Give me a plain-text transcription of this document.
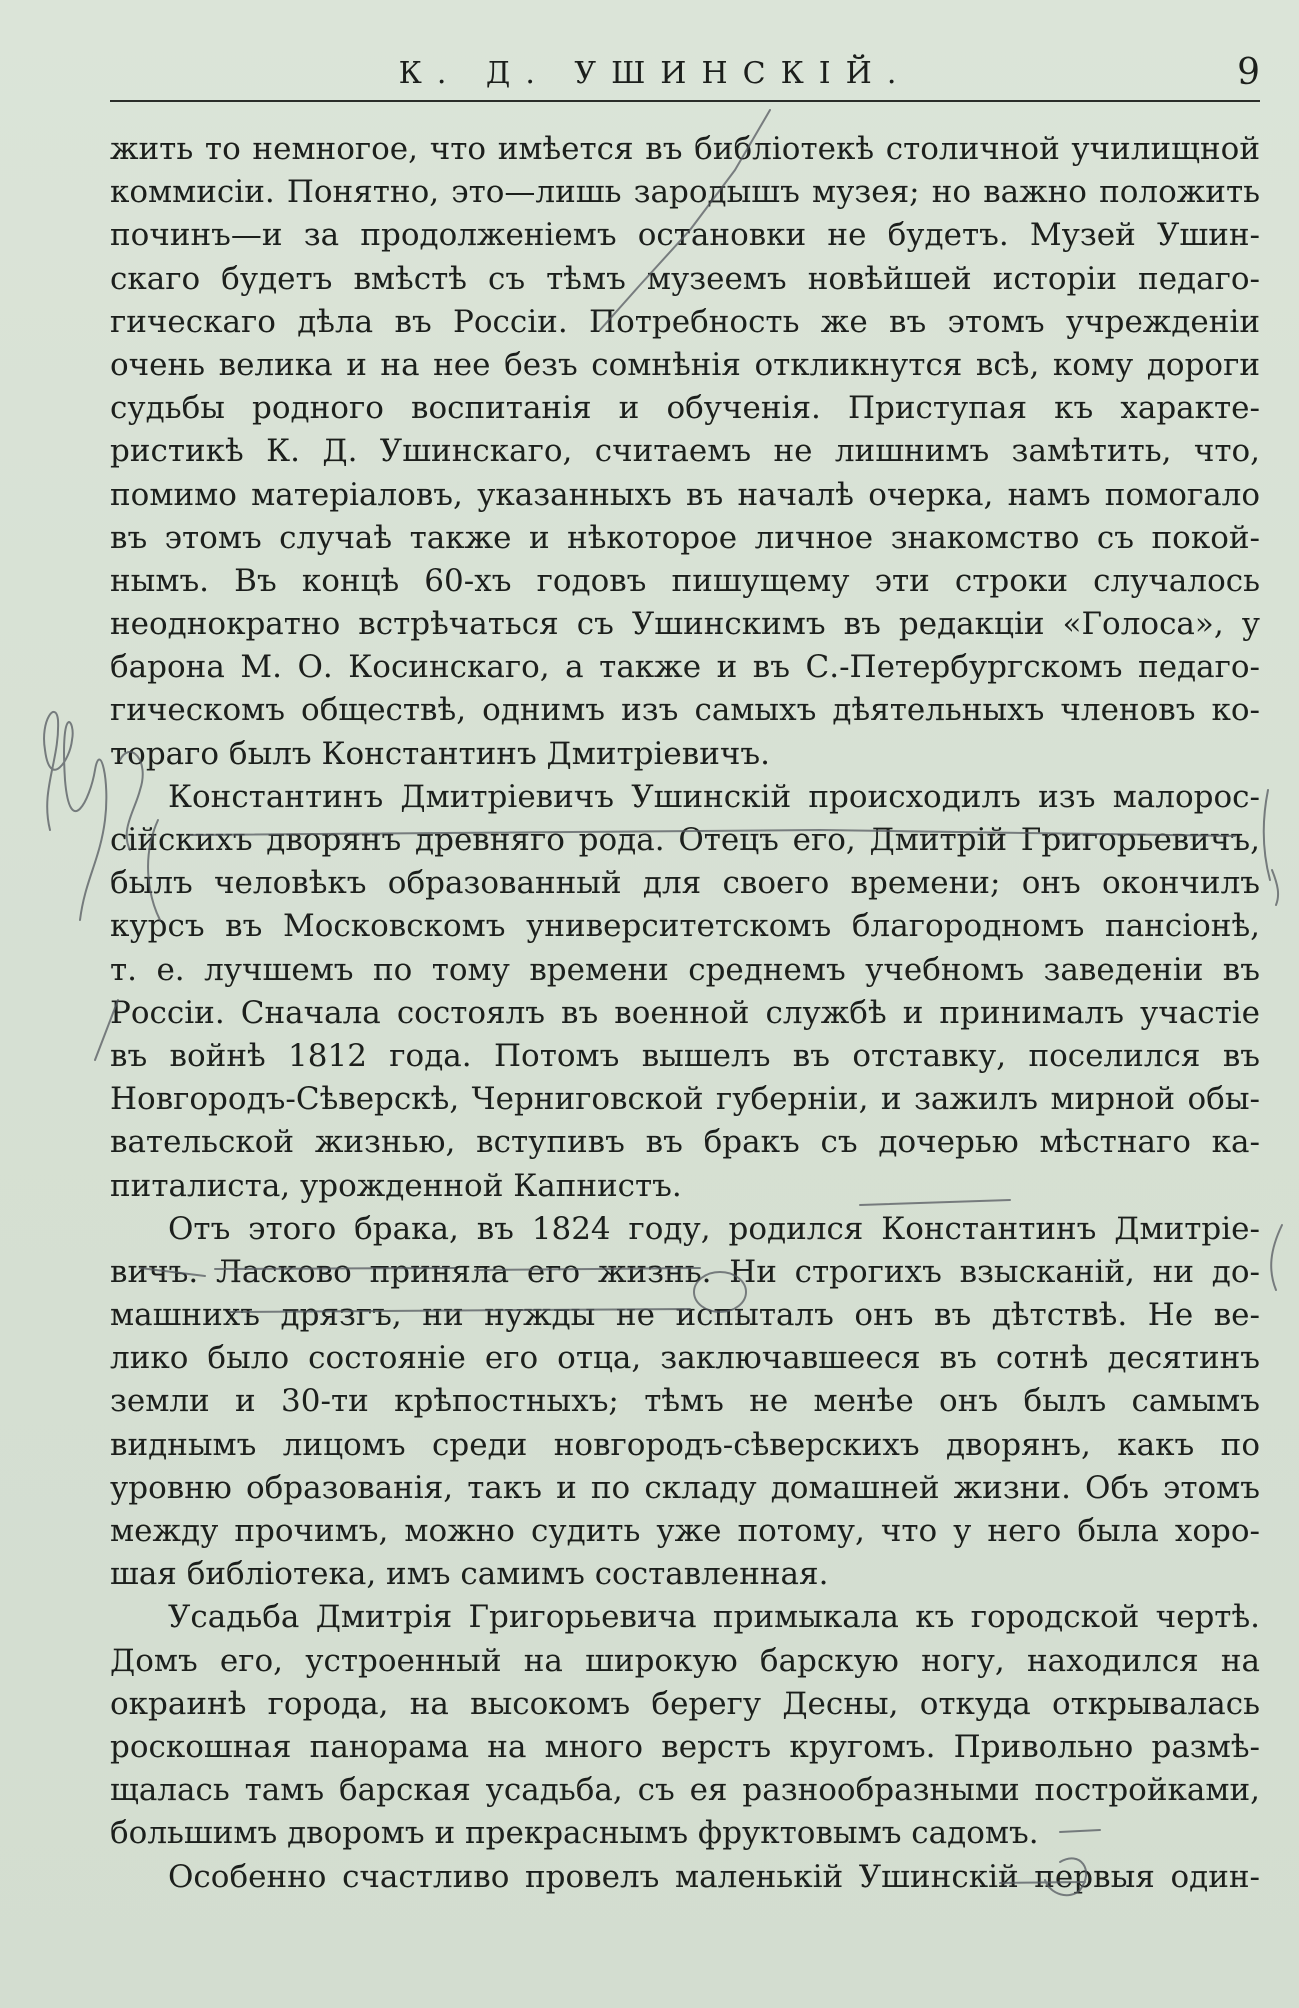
К. Д. УШИНСКІЙ.	9
жить то немногое, что имѣется въ библіотекѣ столичной училищной
коммисіи. Понятно, это—лишь зародышъ музея; но важно положить
починъ—и за продолженіемъ остановки не будетъ. Музей Ушин-
скаго будетъ вмѣстѣ съ тѣмъ музеемъ новѣйшей исторіи педаго-
гическаго дѣла въ Россіи. Потребность же въ этомъ учрежденіи
очень велика и на нее безъ сомнѣнія откликнутся всѣ, кому дороги
судьбы родного воспитанія и обученія. Приступая къ характе-
ристикѣ К. Д. Ушинскаго, считаемъ не лишнимъ замѣтить, что,
помимо матеріаловъ, указанныхъ въ началѣ очерка, намъ помогало
въ этомъ случаѣ также и нѣкоторое личное знакомство съ покой-
нымъ. Въ концѣ 60-хъ годовъ пишущему эти строки случалось
неоднократно встрѣчаться съ Ушинскимъ въ редакціи «Голоса», у
барона М. О. Косинскаго, а также и въ С.-Петербургскомъ педаго-
гическомъ обществѣ, однимъ изъ самыхъ дѣятельныхъ членовъ ко-
тораго былъ Константинъ Дмитріевичъ.
Константинъ Дмитріевичъ Ушинскій происходилъ изъ малорос-
сійскихъ дворянъ древняго рода. Отецъ его, Дмитрій Григорьевичъ,
былъ человѣкъ образованный для своего времени; онъ окончилъ
курсъ въ Московскомъ университетскомъ благородномъ пансіонѣ,
т. е. лучшемъ по тому времени среднемъ учебномъ заведеніи въ
Россіи. Сначала состоялъ въ военной службѣ и принималъ участіе
въ войнѣ 1812 года. Потомъ вышелъ въ отставку, поселился въ
Новгородъ-Сѣверскѣ, Черниговской губерніи, и зажилъ мирной обы-
вательской жизнью, вступивъ въ бракъ съ дочерью мѣстнаго ка-
питалиста, урожденной Капнистъ.
Отъ этого брака, въ 1824 году, родился Константинъ Дмитріе-
вичъ. Ласково приняла его жизнь. Ни строгихъ взысканій, ни до-
машнихъ дрязгъ, ни нужды не испыталъ онъ въ дѣтствѣ. Не ве-
лико было состояніе его отца, заключавшееся въ сотнѣ десятинъ
земли и 30-ти крѣпостныхъ; тѣмъ не менѣе онъ былъ самымъ
виднымъ лицомъ среди новгородъ-сѣверскихъ дворянъ, какъ по
уровню образованія, такъ и по складу домашней жизни. Объ этомъ
между прочимъ, можно судить уже потому, что у него была хоро-
шая библіотека, имъ самимъ составленная.
Усадьба Дмитрія Григорьевича примыкала къ городской чертѣ.
Домъ его, устроенный на широкую барскую ногу, находился на
окраинѣ города, на высокомъ берегу Десны, откуда открывалась
роскошная панорама на много верстъ кругомъ. Привольно размѣ-
щалась тамъ барская усадьба, съ ея разнообразными постройками,
большимъ дворомъ и прекраснымъ фруктовымъ садомъ.
Особенно счастливо провелъ маленькій Ушинскій первыя один-
